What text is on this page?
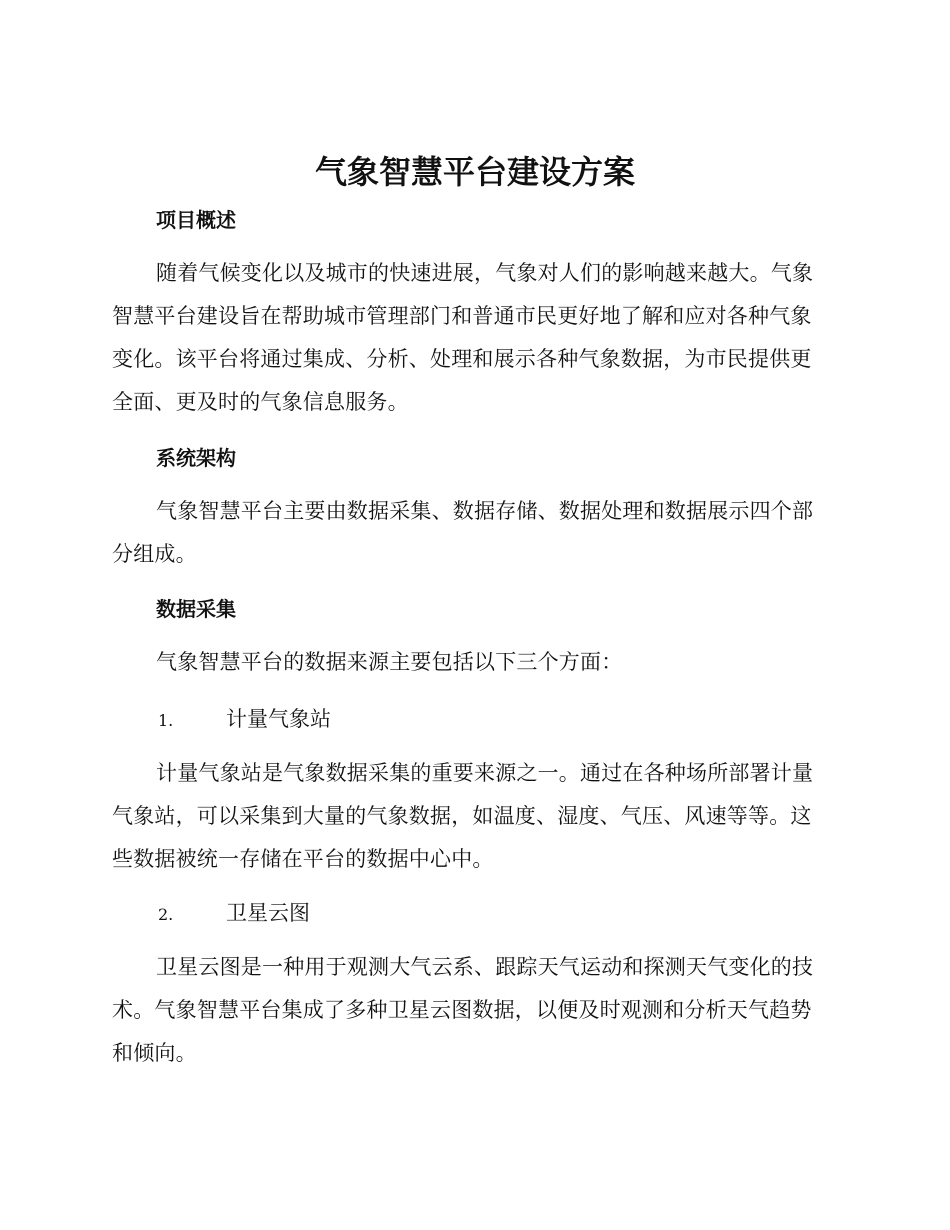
气象智慧平台建设方案
项目概述

随着气候变化以及城市的快速进展，气象对人们的影响越来越大。气象智慧平台建设旨在帮助城市管理部门和普通市民更好地了解和应对各种气象变化。该平台将通过集成、分析、处理和展示各种气象数据，为市民提供更全面、更及时的气象信息服务。

系统架构

气象智慧平台主要由数据采集、数据存储、数据处理和数据展示四个部分组成。

数据采集

气象智慧平台的数据来源主要包括以下三个方面：

1.	计量气象站

计量气象站是气象数据采集的重要来源之一。通过在各种场所部署计量气象站，可以采集到大量的气象数据，如温度、湿度、气压、风速等等。这些数据被统一存储在平台的数据中心中。

2.	卫星云图

卫星云图是一种用于观测大气云系、跟踪天气运动和探测天气变化的技术。气象智慧平台集成了多种卫星云图数据，以便及时观测和分析天气趋势和倾向。
